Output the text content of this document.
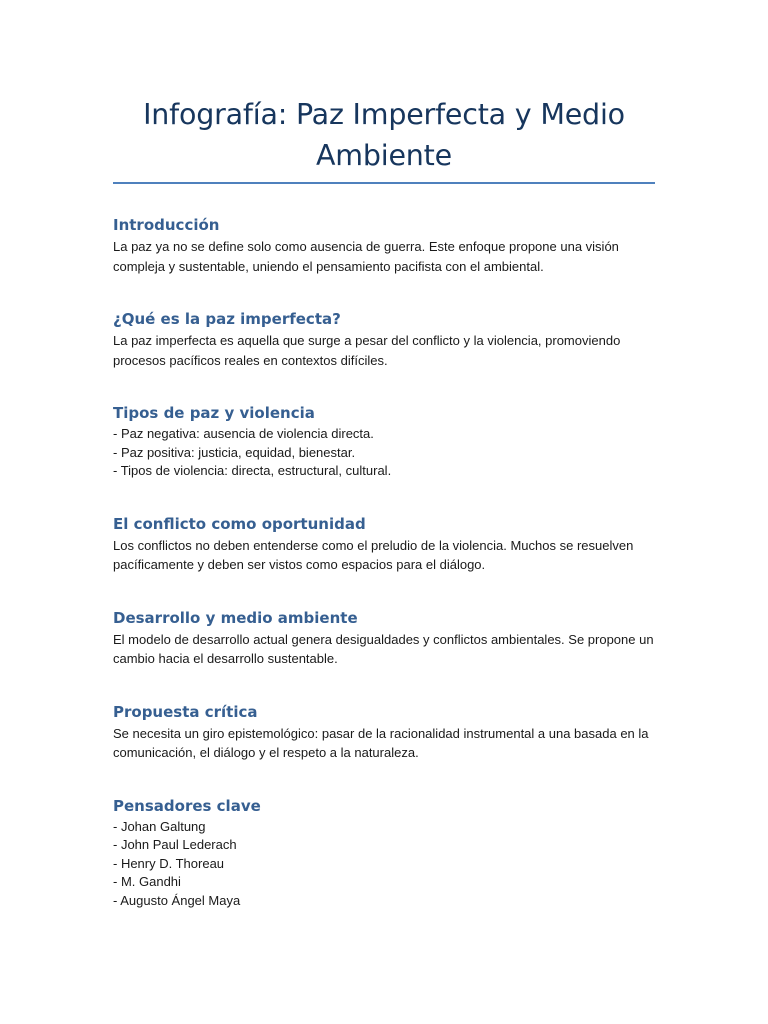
Infografía: Paz Imperfecta y Medio Ambiente
Introducción

La paz ya no se define solo como ausencia de guerra. Este enfoque propone una visión compleja y sustentable, uniendo el pensamiento pacifista con el ambiental.

¿Qué es la paz imperfecta?

La paz imperfecta es aquella que surge a pesar del conflicto y la violencia, promoviendo procesos pacíficos reales en contextos difíciles.

Tipos de paz y violencia
- Paz negativa: ausencia de violencia directa.
- Paz positiva: justicia, equidad, bienestar.
- Tipos de violencia: directa, estructural, cultural.
El conflicto como oportunidad

Los conflictos no deben entenderse como el preludio de la violencia. Muchos se resuelven pacíficamente y deben ser vistos como espacios para el diálogo.

Desarrollo y medio ambiente

El modelo de desarrollo actual genera desigualdades y conflictos ambientales. Se propone un cambio hacia el desarrollo sustentable.

Propuesta crítica

Se necesita un giro epistemológico: pasar de la racionalidad instrumental a una basada en la comunicación, el diálogo y el respeto a la naturaleza.

Pensadores clave
- Johan Galtung
- John Paul Lederach
- Henry D. Thoreau
- M. Gandhi
- Augusto Ángel Maya
